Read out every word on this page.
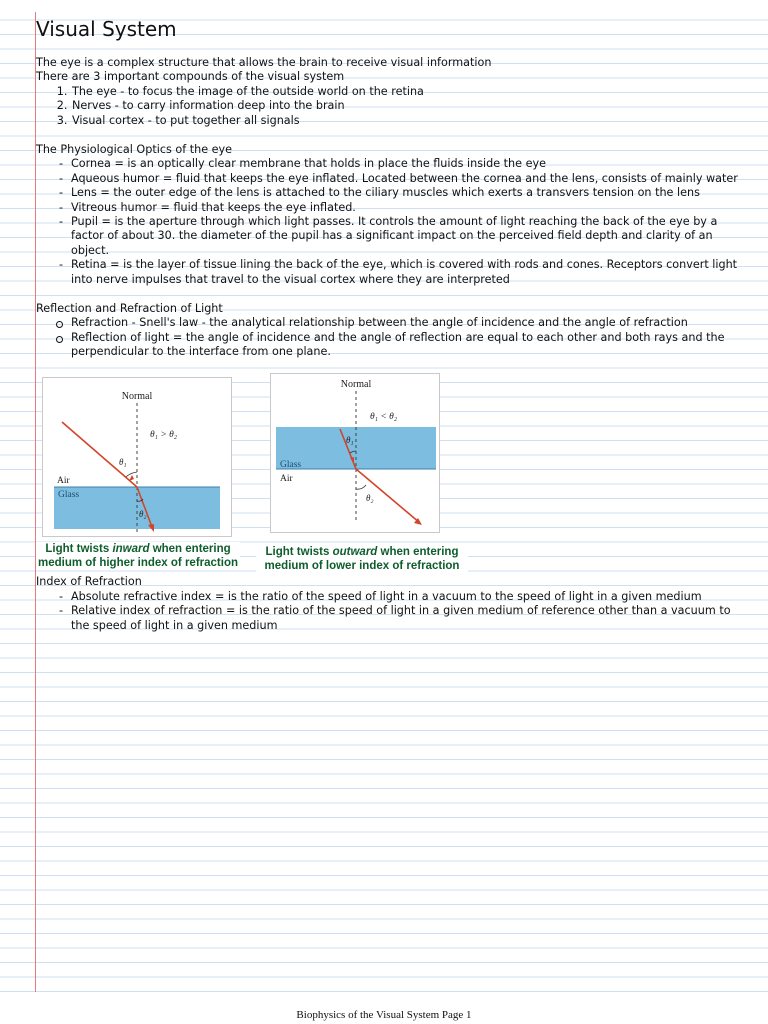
Visual System
The eye is a complex structure that allows the brain to receive visual information
There are 3 important compounds of the visual system
1. The eye - to focus the image of the outside world on the retina
2. Nerves - to carry information deep into the brain
3. Visual cortex - to put together all signals
The Physiological Optics of the eye
- Cornea = is an optically clear membrane that holds in place the fluids inside the eye
- Aqueous humor = fluid that keeps the eye inflated. Located between the cornea and the lens, consists of mainly water
- Lens = the outer edge of the lens is attached to the ciliary muscles which exerts a transvers tension on the lens
- Vitreous humor = fluid that keeps the eye inflated.
- Pupil = is the aperture through which light passes. It controls the amount of light reaching the back of the eye by a factor of about 30. the diameter of the pupil has a significant impact on the perceived field depth and clarity of an object.
- Retina = is the layer of tissue lining the back of the eye, which is covered with rods and cones. Receptors convert light into nerve impulses that travel to the visual cortex where they are interpreted
Reflection and Refraction of Light
Refraction - Snell's law - the analytical relationship between the angle of incidence and the angle of refraction
Reflection of light = the angle of incidence and the angle of reflection are equal to each other and both rays and the perpendicular to the interface from one plane.
Normal
θ₁ > θ₂
θ₁
θ₂
Air
Glass
Light twists inward when entering medium of higher index of refraction
Normal
θ₁ < θ₂
θ₁
θ₂
Glass
Air
Light twists outward when entering medium of lower index of refraction
Index of Refraction
- Absolute refractive index = is the ratio of the speed of light in a vacuum to the speed of light in a given medium
- Relative index of refraction = is the ratio of the speed of light in a given medium of reference other than a vacuum to the speed of light in a given medium
Biophysics of the Visual System Page 1
